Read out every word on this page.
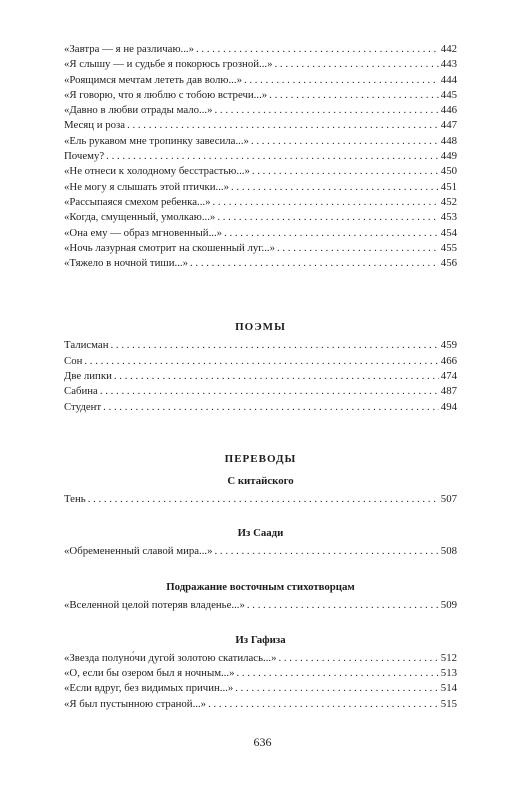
«Завтра — я не различаю...» . . .	442
«Я слышу — и судьбе я покорюсь грозной...» . . .	443
«Роящимся мечтам лететь дав волю...» . . .	444
«Я говорю, что я люблю с тобою встречи...» . . .	445
«Давно в любви отрады мало...» . . .	446
Месяц и роза . . .	447
«Ель рукавом мне тропинку завесила...» . . .	448
Почему? . . .	449
«Не отнеси к холодному бесстрастью...» . . .	450
«Не могу я слышать этой птички...» . . .	451
«Рассыпаяся смехом ребенка...» . . .	452
«Когда, смущенный, умолкаю...» . . .	453
«Она ему — образ мгновенный...» . . .	454
«Ночь лазурная смотрит на скошенный луг...» . . .	455
«Тяжело в ночной тиши...» . . .	456
ПОЭМЫ
Талисман . . .	459
Сон . . .	466
Две липки . . .	474
Сабина . . .	487
Студент . . .	494
ПЕРЕВОДЫ
С китайского
Тень . . .	507
Из Саади
«Обремененный славой мира...» . . .	508
Подражание восточным стихотворцам
«Вселенной целой потеряв владенье...» . . .	509
Из Гафиза
«Звезда полуно́чи дугой золотою скатилась...» . . .	512
«О, если бы озером был я ночным...» . . .	513
«Если вдруг, без видимых причин...» . . .	514
«Я был пустынною страной...» . . .	515
636
